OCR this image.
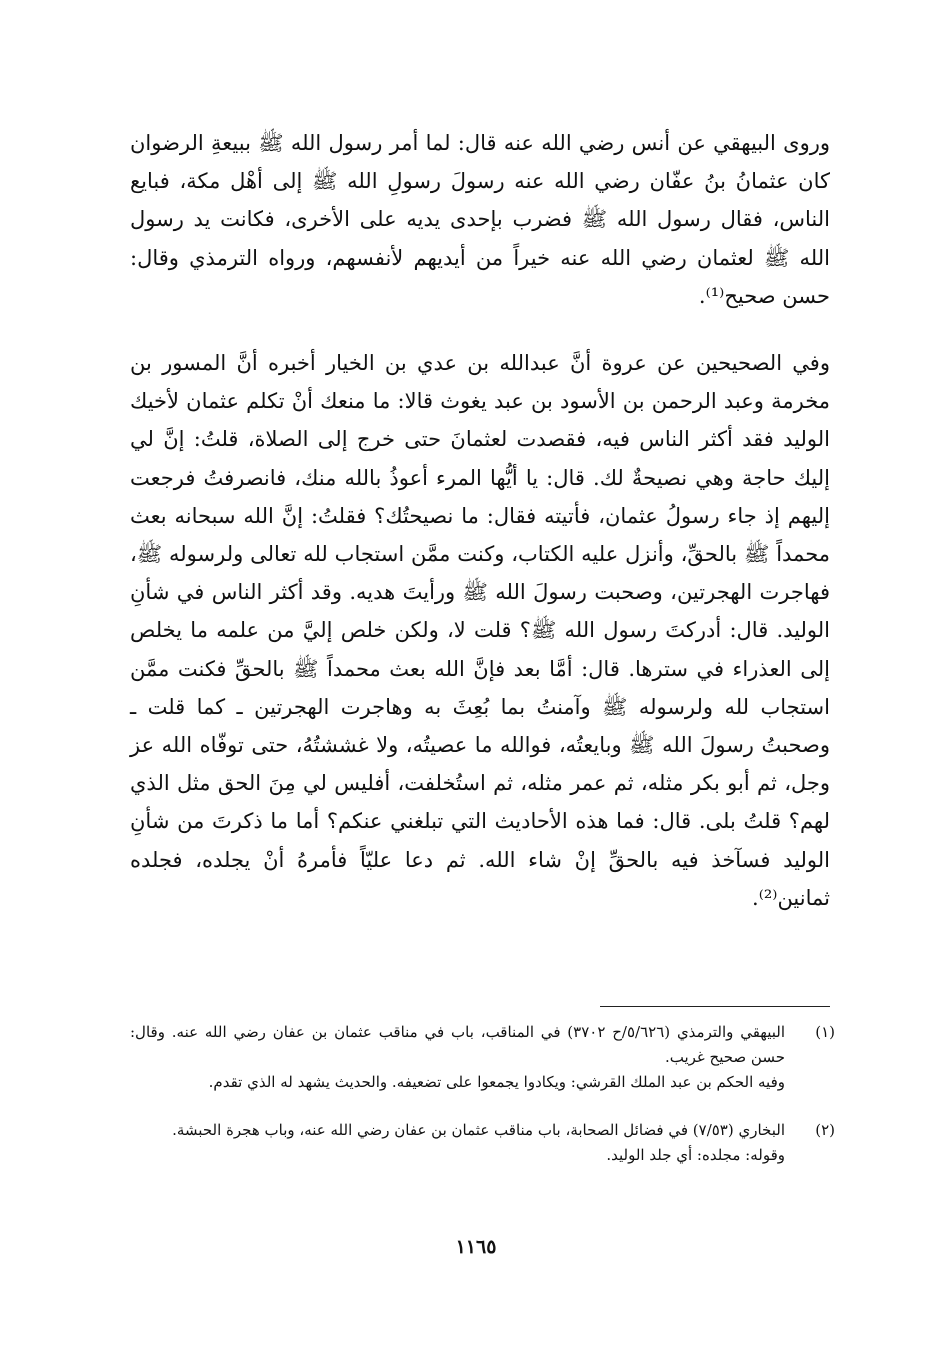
وروى البيهقي عن أنس رضي الله عنه قال: لما أمر رسول الله ﷺ ببيعةِ الرضوان كان عثمانُ بنُ عفّان رضي الله عنه رسولَ رسولِ الله ﷺ إلى أهْل مكة، فبايع الناس، فقال رسول الله ﷺ فضرب بإحدى يديه على الأخرى، فكانت يد رسول الله ﷺ لعثمان رضي الله عنه خيراً من أيديهم لأنفسهم، ورواه الترمذي وقال: حسن صحيح⁽¹⁾.

وفي الصحيحين عن عروة أنَّ عبدالله بن عدي بن الخيار أخبره أنَّ المسور بن مخرمة وعبد الرحمن بن الأسود بن عبد يغوث قالا: ما منعك أنْ تكلم عثمان لأخيك الوليد فقد أكثر الناس فيه، فقصدت لعثمانَ حتى خرج إلى الصلاة، قلتُ: إنَّ لي إليك حاجة وهي نصيحةٌ لك. قال: يا أيُّها المرء أعوذُ بالله منك، فانصرفتُ فرجعت إليهم إذ جاء رسولُ عثمان، فأتيته فقال: ما نصيحتُك؟ فقلتُ: إنَّ الله سبحانه بعث محمداً ﷺ بالحقِّ، وأنزل عليه الكتاب، وكنت ممَّن استجاب لله تعالى ولرسوله ﷺ، فهاجرت الهجرتين، وصحبت رسولَ الله ﷺ ورأيتَ هديه. وقد أكثر الناس في شأنِ الوليد. قال: أدركتَ رسول الله ﷺ؟ قلت لا، ولكن خلص إليَّ من علمه ما يخلص إلى العذراء في سترها. قال: أمَّا بعد فإنَّ الله بعث محمداً ﷺ بالحقِّ فكنت ممَّن استجاب لله ولرسوله ﷺ وآمنتُ بما بُعِثَ به وهاجرت الهجرتين ـ كما قلت ـ وصحبتُ رسولَ الله ﷺ وبايعتُه، فوالله ما عصيتُه، ولا غششتُهُ، حتى توفّاه الله عز وجل، ثم أبو بكر مثله، ثم عمر مثله، ثم استُخلفت، أفليس لي مِنَ الحق مثل الذي لهم؟ قلتُ بلى. قال: فما هذه الأحاديث التي تبلغني عنكم؟ أما ما ذكرتَ من شأنِ الوليد فسآخذ فيه بالحقِّ إنْ شاء الله. ثم دعا عليّاً فأمرهُ أنْ يجلده، فجلده ثمانين⁽²⁾.

(١)
البيهقي والترمذي (٥/٦٢٦/ح ٣٧٠٢) في المناقب، باب في مناقب عثمان بن عفان رضي الله عنه. وقال: حسن صحيح غريب.
وفيه الحكم بن عبد الملك القرشي: ويكادوا يجمعوا على تضعيفه. والحديث يشهد له الذي تقدم.
(٢)
البخاري (٧/٥٣) في فضائل الصحابة، باب مناقب عثمان بن عفان رضي الله عنه، وباب هجرة الحبشة.
وقوله: مجلده: أي جلد الوليد.
١١٦٥
